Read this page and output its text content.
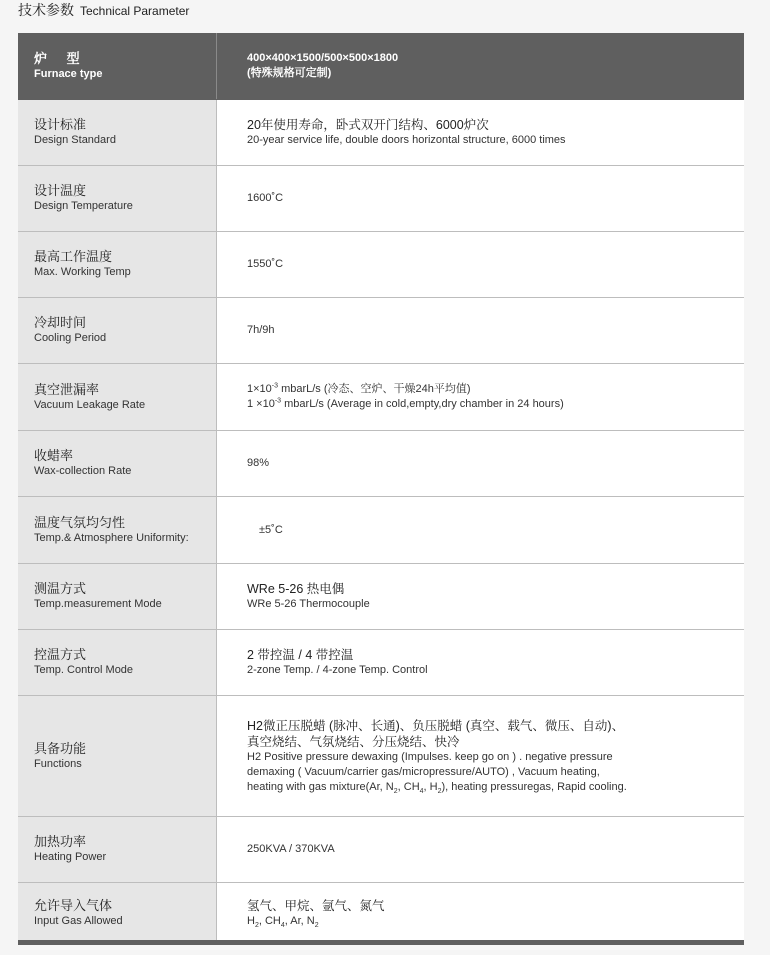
技术参数 Technical Parameter
炉 型
Furnace type
400×400×1500/500×500×1800
(特殊规格可定制)
设计标准
Design Standard
20年使用寿命，卧式双开门结构、6000炉次
20-year service life, double doors horizontal structure, 6000 times
设计温度
Design Temperature
1600˚C
最高工作温度
Max. Working Temp
1550˚C
冷却时间
Cooling Period
7h/9h
真空泄漏率
Vacuum Leakage Rate
$1\times 10^{-3}$ mbarL/s (冷态、空炉、干燥24h平均值)
$1 \times 10^{-3}$ mbarL/s (Average in cold,empty,dry chamber in 24 hours)
收蜡率
Wax-collection Rate
98%
温度气氛均匀性
Temp.& Atmosphere Uniformity:
±5˚C
测温方式
Temp.measurement Mode
WRe 5-26 热电偶
WRe 5-26 Thermocouple
控温方式
Temp. Control Mode
2 带控温 / 4 带控温
2-zone Temp. / 4-zone Temp. Control
具备功能
Functions
H2微正压脱蜡 (脉冲、长通)、负压脱蜡 (真空、载气、微压、自动)、
真空烧结、气氛烧结、分压烧结、快冷
H2 Positive pressure dewaxing (Impulses. keep go on ) . negative pressure
demaxing ( Vacuum/carrier gas/micropressure/AUTO) , Vacuum heating,
heating with gas mixture(Ar, $N_2$, $CH_4$, $H_2$), heating pressuregas, Rapid cooling.
加热功率
Heating Power
250KVA / 370KVA
允许导入气体
Input Gas Allowed
氢气、甲烷、氩气、氮气
$H_2$, $CH_4$, Ar, $N_2$
